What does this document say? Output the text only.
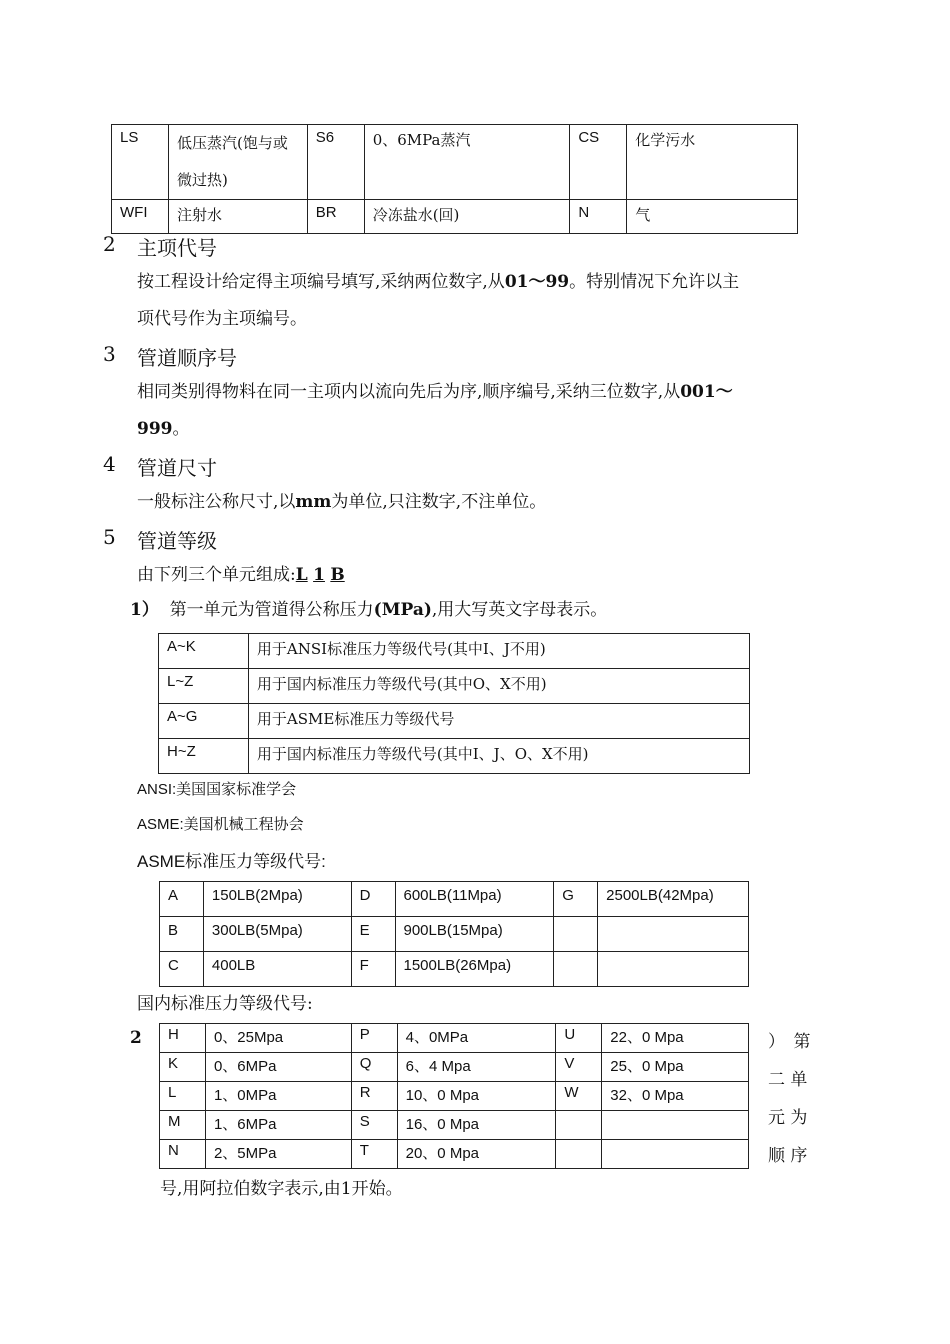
LS	低压蒸汽(饱与或微过热)	S6	0、6MPa蒸汽	CS	化学污水
WFI	注射水	BR	冷冻盐水(回)	N	气
2 主项代号
按工程设计给定得主项编号填写,采纳两位数字,从01～99。特别情况下允许以主
项代号作为主项编号。
3 管道顺序号
相同类别得物料在同一主项内以流向先后为序,顺序编号,采纳三位数字,从001～
999。
4 管道尺寸
一般标注公称尺寸,以mm为单位,只注数字,不注单位。
5 管道等级
由下列三个单元组成:L 1 B
1） 第一单元为管道得公称压力(MPa),用大写英文字母表示。
A~K	用于ANSI标准压力等级代号(其中I、J不用)
L~Z	用于国内标准压力等级代号(其中O、X不用)
A~G	用于ASME标准压力等级代号
H~Z	用于国内标准压力等级代号(其中I、J、O、X不用)
ANSI:美国国家标准学会
ASME:美国机械工程协会
ASME标准压力等级代号:
A	150LB(2Mpa)	D	600LB(11Mpa)	G	2500LB(42Mpa)
B	300LB(5Mpa)	E	900LB(15Mpa)		
C	400LB	F	1500LB(26Mpa)		
国内标准压力等级代号:
2 H	0、25Mpa	P	4、0MPa	U	22、0 Mpa
K	0、6MPa	Q	6、4 Mpa	V	25、0 Mpa
L	1、0MPa	R	10、0 Mpa	W	32、0 Mpa
M	1、6MPa	S	16、0 Mpa		
N	2、5MPa	T	20、0 Mpa		
）　第
二 单
元 为
顺 序
号,用阿拉伯数字表示,由1开始。
